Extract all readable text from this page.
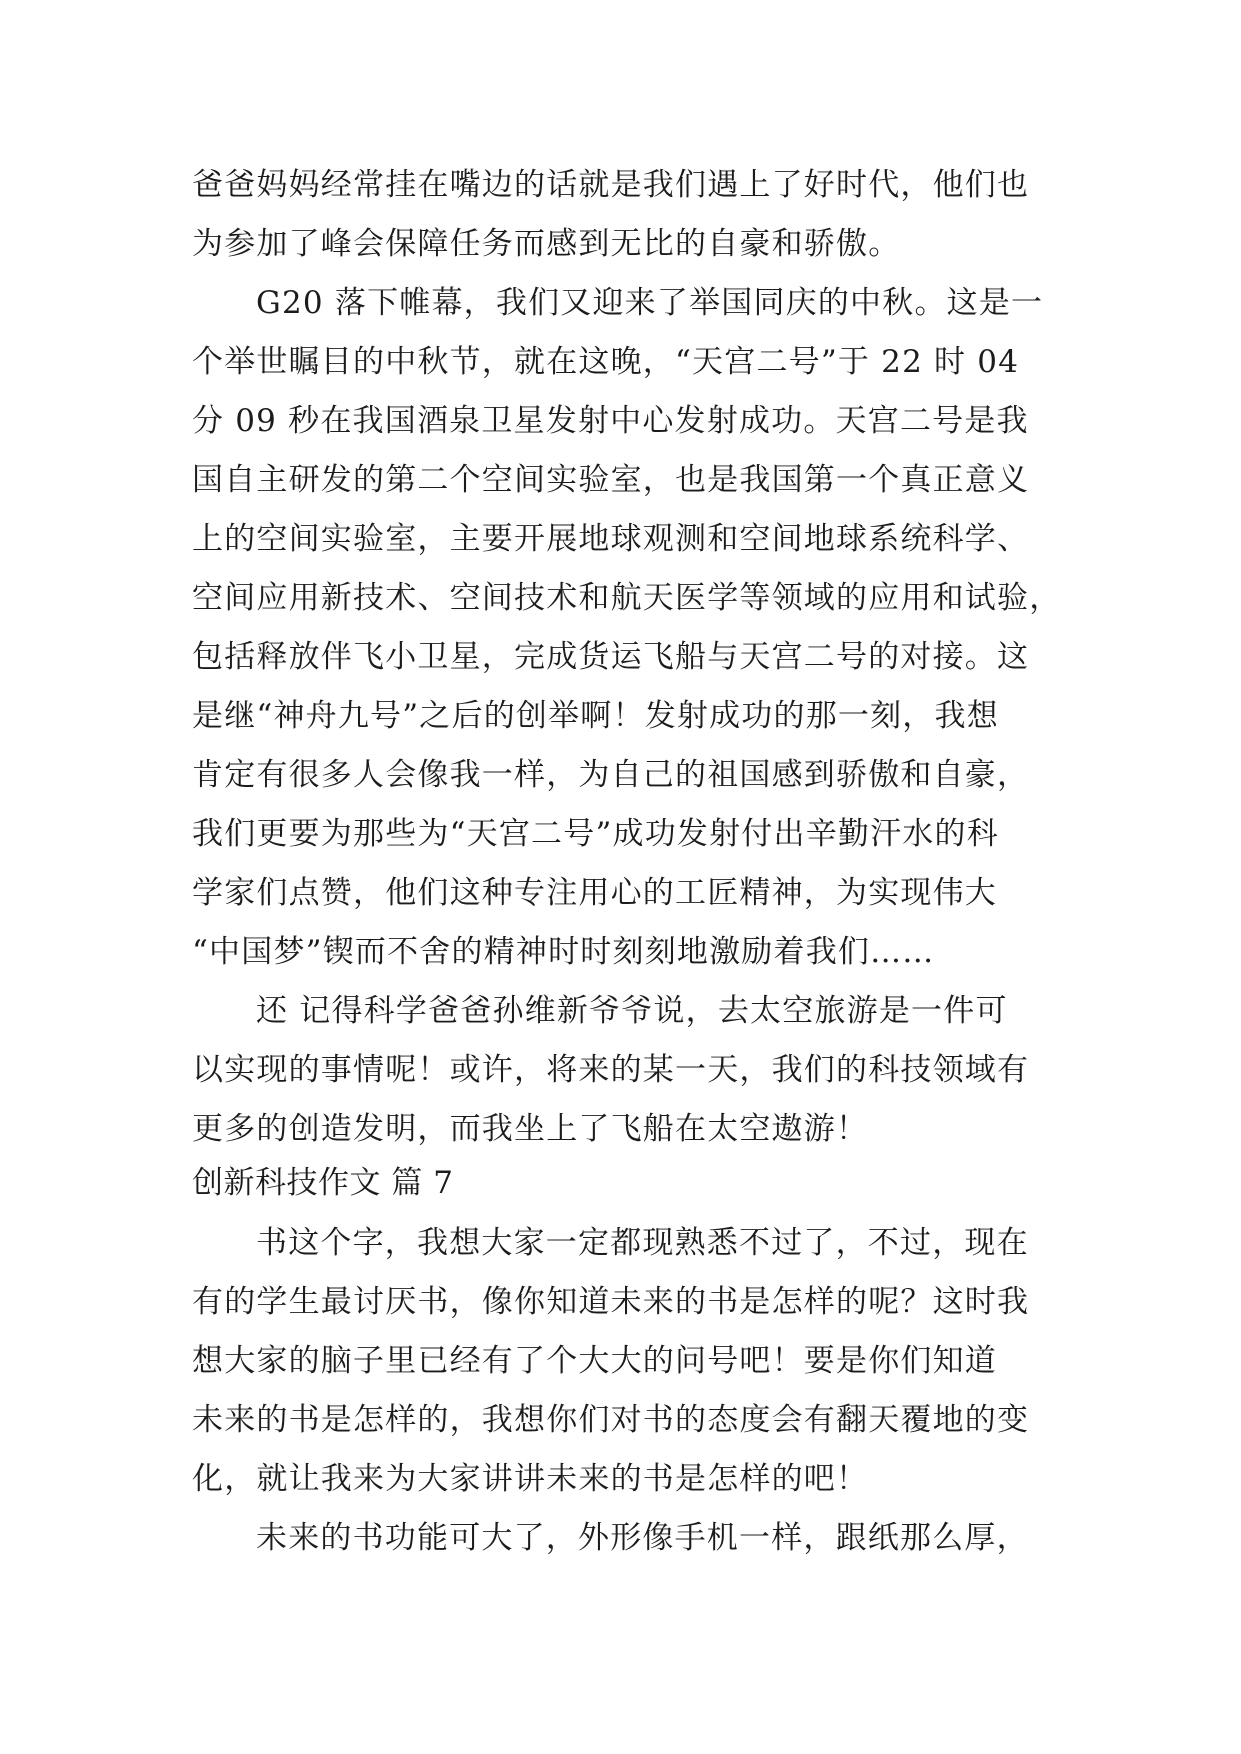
爸爸妈妈经常挂在嘴边的话就是我们遇上了好时代，他们也
为参加了峰会保障任务而感到无比的自豪和骄傲。
G20 落下帷幕，我们又迎来了举国同庆的中秋。这是一
个举世瞩目的中秋节，就在这晚，“天宫二号”于 22 时 04
分 09 秒在我国酒泉卫星发射中心发射成功。天宫二号是我
国自主研发的第二个空间实验室，也是我国第一个真正意义
上的空间实验室，主要开展地球观测和空间地球系统科学、
空间应用新技术、空间技术和航天医学等领域的应用和试验，
包括释放伴飞小卫星，完成货运飞船与天宫二号的对接。这
是继“神舟九号”之后的创举啊！发射成功的那一刻，我想
肯定有很多人会像我一样，为自己的祖国感到骄傲和自豪，
我们更要为那些为“天宫二号”成功发射付出辛勤汗水的科
学家们点赞，他们这种专注用心的工匠精神，为实现伟大
“中国梦”锲而不舍的精神时时刻刻地激励着我们……
还 记得科学爸爸孙维新爷爷说，去太空旅游是一件可
以实现的事情呢！或许，将来的某一天，我们的科技领域有
更多的创造发明，而我坐上了飞船在太空遨游！
创新科技作文 篇 7
书这个字，我想大家一定都现熟悉不过了，不过，现在
有的学生最讨厌书，像你知道未来的书是怎样的呢？这时我
想大家的脑子里已经有了个大大的问号吧！要是你们知道
未来的书是怎样的，我想你们对书的态度会有翻天覆地的变
化，就让我来为大家讲讲未来的书是怎样的吧！
未来的书功能可大了，外形像手机一样，跟纸那么厚，
